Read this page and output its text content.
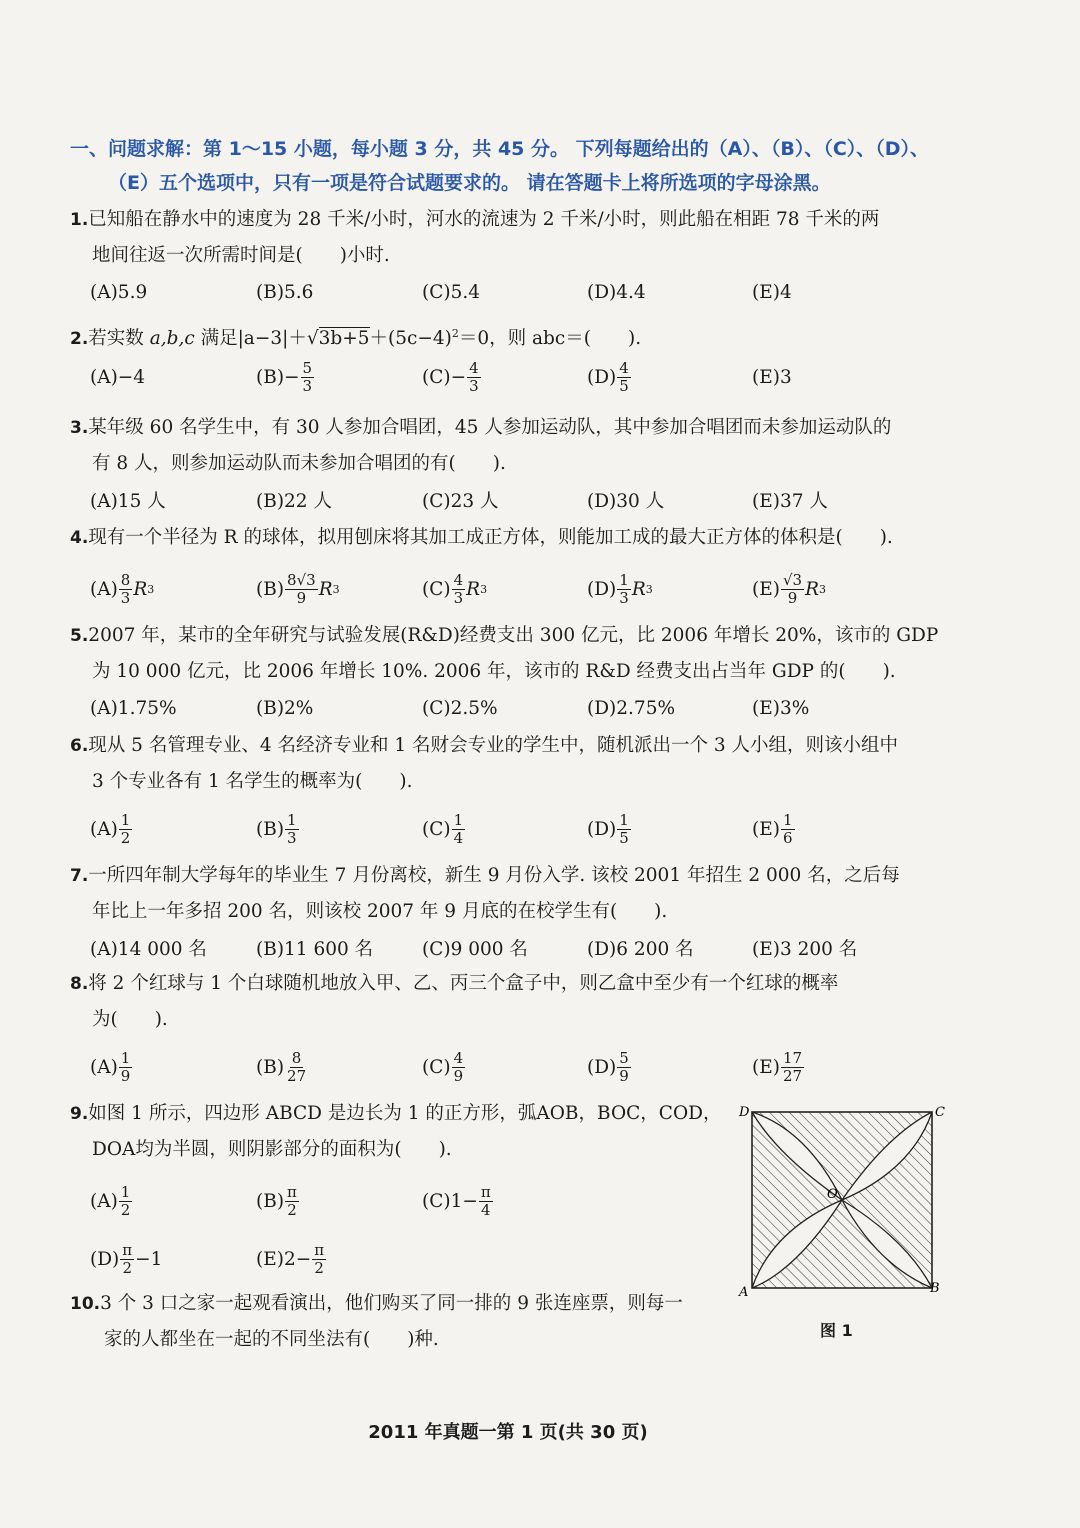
一、问题求解：第 1～15 小题，每小题 3 分，共 45 分。 下列每题给出的（A）、（B）、（C）、（D）、
（E）五个选项中，只有一项是符合试题要求的。 请在答题卡上将所选项的字母涂黑。
1.已知船在静水中的速度为 28 千米/小时，河水的流速为 2 千米/小时，则此船在相距 78 千米的两
地间往返一次所需时间是(　　)小时.
(A)5.9	(B)5.6	(C)5.4	(D)4.4	(E)4
2.若实数 a,b,c 满足$|a-3|+√3b+5+(5c-4)^2=0$，则 abc＝(　　).
(A)−4	$(B)- \frac{5}{3}$	$(C)- \frac{4}{3}$	$(D) \frac{4}{5}$	(E)3
3.某年级 60 名学生中，有 30 人参加合唱团，45 人参加运动队，其中参加合唱团而未参加运动队的
有 8 人，则参加运动队而未参加合唱团的有(　　).
(A)15 人	(B)22 人	(C)23 人	(D)30 人	(E)37 人
4.现有一个半径为 R 的球体，拟用刨床将其加工成正方体，则能加工成的最大正方体的体积是(　　).
$(A) \frac{8}{3}$ R 3	$(B) \frac{8√3}{9}$ R 3	$(C) \frac{4}{3}$ R 3	$(D) \frac{1}{3}$ R 3	$(E) \frac{√3}{9}$ R 3
5.2007 年，某市的全年研究与试验发展(R&D)经费支出 300 亿元，比 2006 年增长 20%，该市的 GDP
为 10 000 亿元，比 2006 年增长 10%. 2006 年，该市的 R&D 经费支出占当年 GDP 的(　　).
(A)1.75%	(B)2%	(C)2.5%	(D)2.75%	(E)3%
6.现从 5 名管理专业、4 名经济专业和 1 名财会专业的学生中，随机派出一个 3 人小组，则该小组中
3 个专业各有 1 名学生的概率为(　　).
$(A) \frac{1}{2}$	$(B) \frac{1}{3}$	$(C) \frac{1}{4}$	$(D) \frac{1}{5}$	$(E) \frac{1}{6}$
7.一所四年制大学每年的毕业生 7 月份离校，新生 9 月份入学. 该校 2001 年招生 2 000 名，之后每
年比上一年多招 200 名，则该校 2007 年 9 月底的在校学生有(　　).
(A)14 000 名	(B)11 600 名	(C)9 000 名	(D)6 200 名	(E)3 200 名
8.将 2 个红球与 1 个白球随机地放入甲、乙、丙三个盒子中，则乙盒中至少有一个红球的概率
为(　　).
$(A) \frac{1}{9}$	$(B) \frac{8}{27}$	$(C) \frac{4}{9}$	$(D) \frac{5}{9}$	$(E) \frac{17}{27}$
9.如图 1 所示，四边形 ABCD 是边长为 1 的正方形，弧AOB，BOC，COD，
DOA均为半圆，则阴影部分的面积为(　　).
$(A) \frac{1}{2}$	$(B) \frac{\pi}{2}$	$(C)1- \frac{\pi}{4}$
$(D) \frac{\pi}{2} -1$	$(E)2- \frac{\pi}{2}$
10.3 个 3 口之家一起观看演出，他们购买了同一排的 9 张连座票，则每一
家的人都坐在一起的不同坐法有(　　)种.
D	C
A	B
O
图 1
2011 年真题一第 1 页(共 30 页)
